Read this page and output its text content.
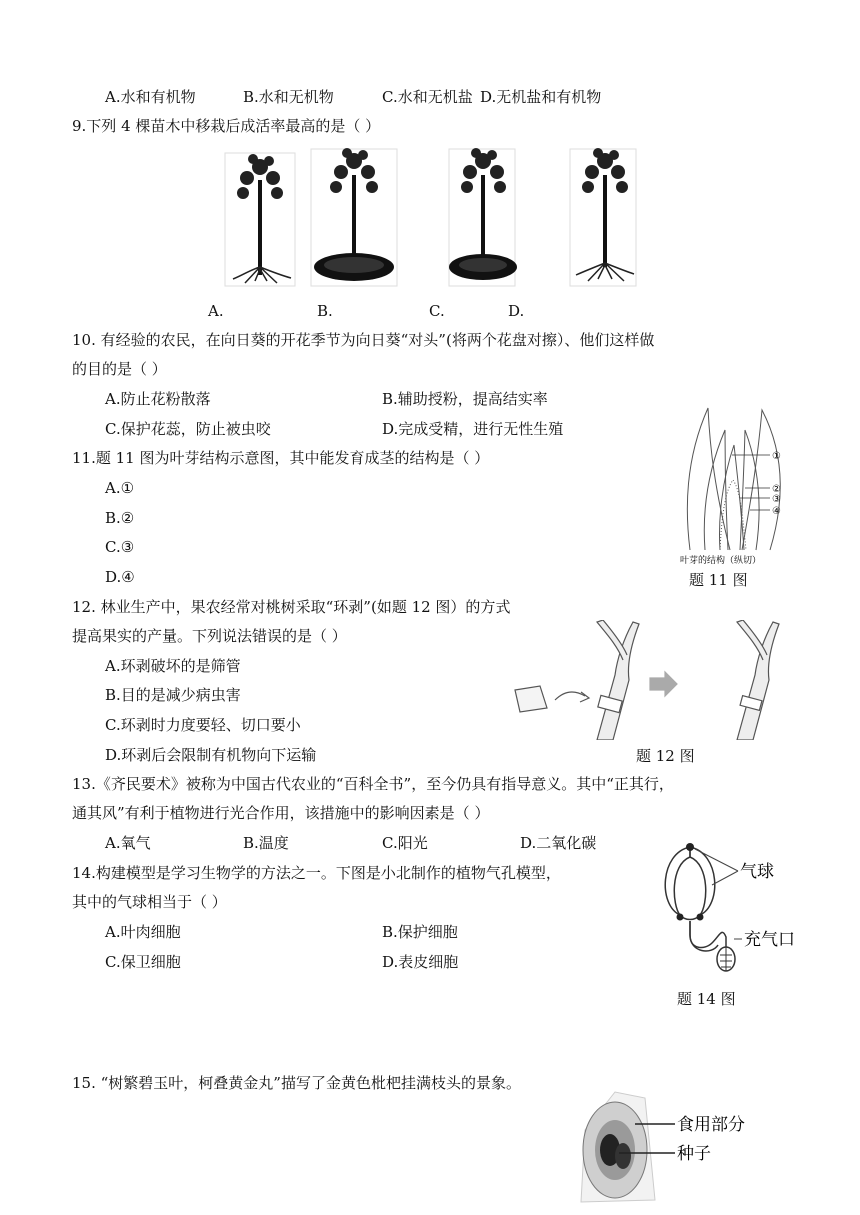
A.水和有机物	B.水和无机物	C.水和无机盐 D.无机盐和有机物
9.下列 4 棵苗木中移栽后成活率最高的是（ ）
A.	B.	C.	D.
10. 有经验的农民，在向日葵的开花季节为向日葵“对头”(将两个花盘对擦）、他们这样做
的目的是（ ）
A.防止花粉散落	B.辅助授粉，提高结实率
C.保护花蕊，防止被虫咬	D.完成受精，进行无性生殖
11.题 11 图为叶芽结构示意图，其中能发育成茎的结构是（ ）
A.①
B.②
C.③
D.④
①
②
③
④
叶芽的结构（纵切）
题 11 图
12. 林业生产中，果农经常对桃树采取“环剥”(如题 12 图）的方式
提高果实的产量。下列说法错误的是（ ）
A.环剥破坏的是筛管
B.目的是减少病虫害
C.环剥时力度要轻、切口要小
D.环剥后会限制有机物向下运输	题 12 图
13.《齐民要术》被称为中国古代农业的“百科全书”，至今仍具有指导意义。其中“正其行，
通其风”有利于植物进行光合作用，该措施中的影响因素是（ ）
A.氧气	B.温度	C.阳光	D.二氧化碳
14.构建模型是学习生物学的方法之一。下图是小北制作的植物气孔模型，
其中的气球相当于（ ）
A.叶肉细胞	B.保护细胞
C.保卫细胞	D.表皮细胞
气球
充气口
题 14 图
15. “树繁碧玉叶，柯叠黄金丸”描写了金黄色枇杷挂满枝头的景象。
食用部分
种子
